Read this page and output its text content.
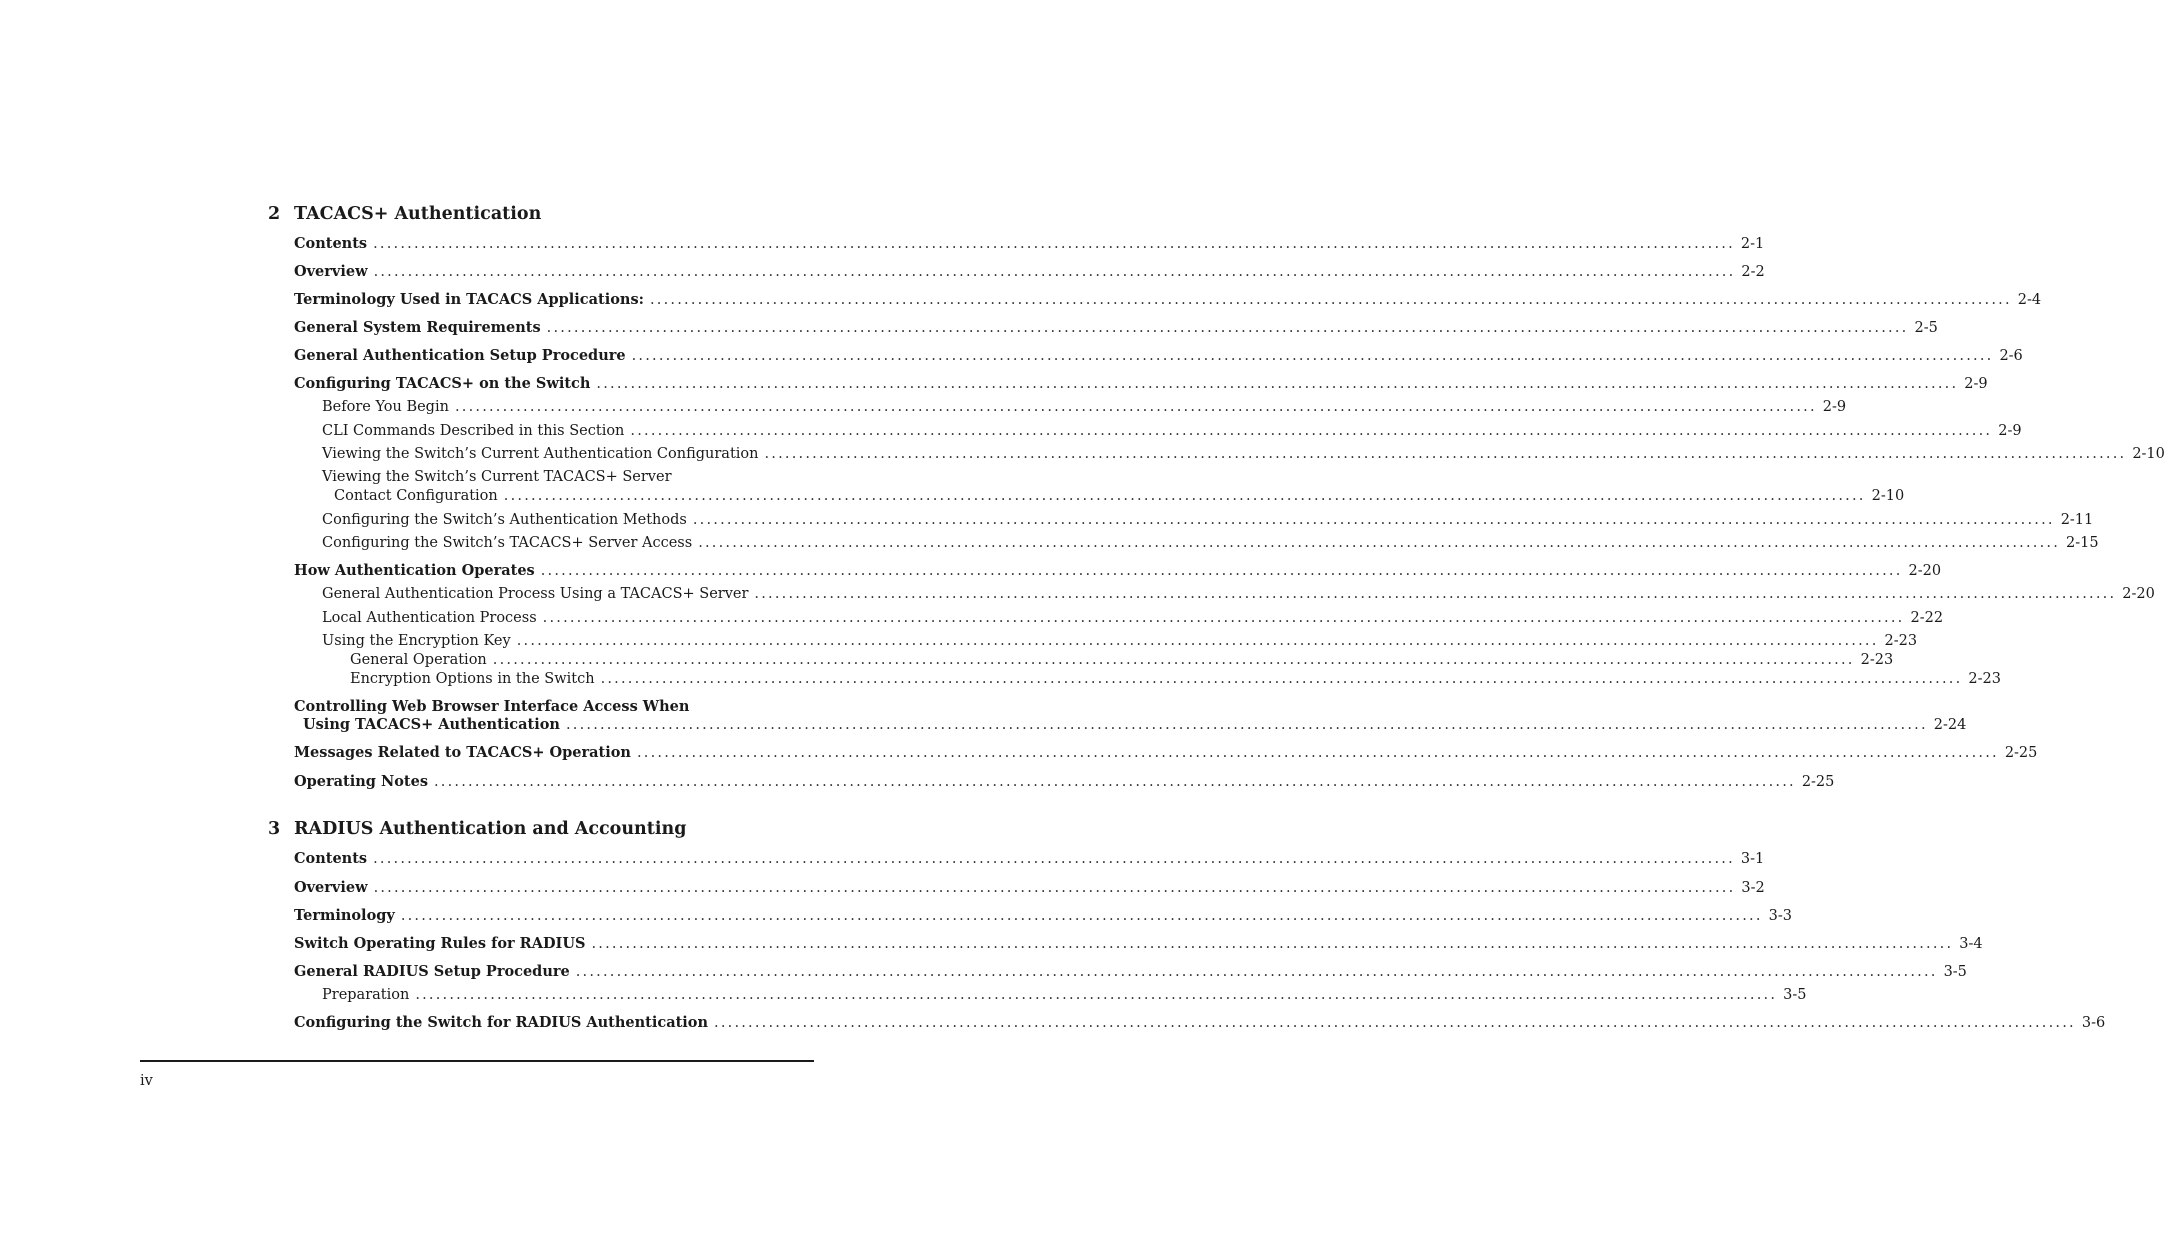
2 TACACS+ Authentication
Contents ........................................................................................................................................................................................................ 2-1
Overview ........................................................................................................................................................................................................ 2-2
Terminology Used in TACACS Applications: ........................................................................................................................................................................................................ 2-4
General System Requirements ........................................................................................................................................................................................................ 2-5
General Authentication Setup Procedure ........................................................................................................................................................................................................ 2-6
Configuring TACACS+ on the Switch ........................................................................................................................................................................................................ 2-9
Before You Begin ........................................................................................................................................................................................................ 2-9
CLI Commands Described in this Section ........................................................................................................................................................................................................ 2-9
Viewing the Switch’s Current Authentication Configuration ........................................................................................................................................................................................................ 2-10
Viewing the Switch’s Current TACACS+ Server
Contact Configuration ........................................................................................................................................................................................................ 2-10
Configuring the Switch’s Authentication Methods ........................................................................................................................................................................................................ 2-11
Configuring the Switch’s TACACS+ Server Access ........................................................................................................................................................................................................ 2-15
How Authentication Operates ........................................................................................................................................................................................................ 2-20
General Authentication Process Using a TACACS+ Server ........................................................................................................................................................................................................ 2-20
Local Authentication Process ........................................................................................................................................................................................................ 2-22
Using the Encryption Key ........................................................................................................................................................................................................ 2-23
General Operation ........................................................................................................................................................................................................ 2-23
Encryption Options in the Switch ........................................................................................................................................................................................................ 2-23
Controlling Web Browser Interface Access When
Using TACACS+ Authentication ........................................................................................................................................................................................................ 2-24
Messages Related to TACACS+ Operation ........................................................................................................................................................................................................ 2-25
Operating Notes ........................................................................................................................................................................................................ 2-25
3 RADIUS Authentication and Accounting
Contents ........................................................................................................................................................................................................ 3-1
Overview ........................................................................................................................................................................................................ 3-2
Terminology ........................................................................................................................................................................................................ 3-3
Switch Operating Rules for RADIUS ........................................................................................................................................................................................................ 3-4
General RADIUS Setup Procedure ........................................................................................................................................................................................................ 3-5
Preparation ........................................................................................................................................................................................................ 3-5
Configuring the Switch for RADIUS Authentication ........................................................................................................................................................................................................ 3-6
iv
